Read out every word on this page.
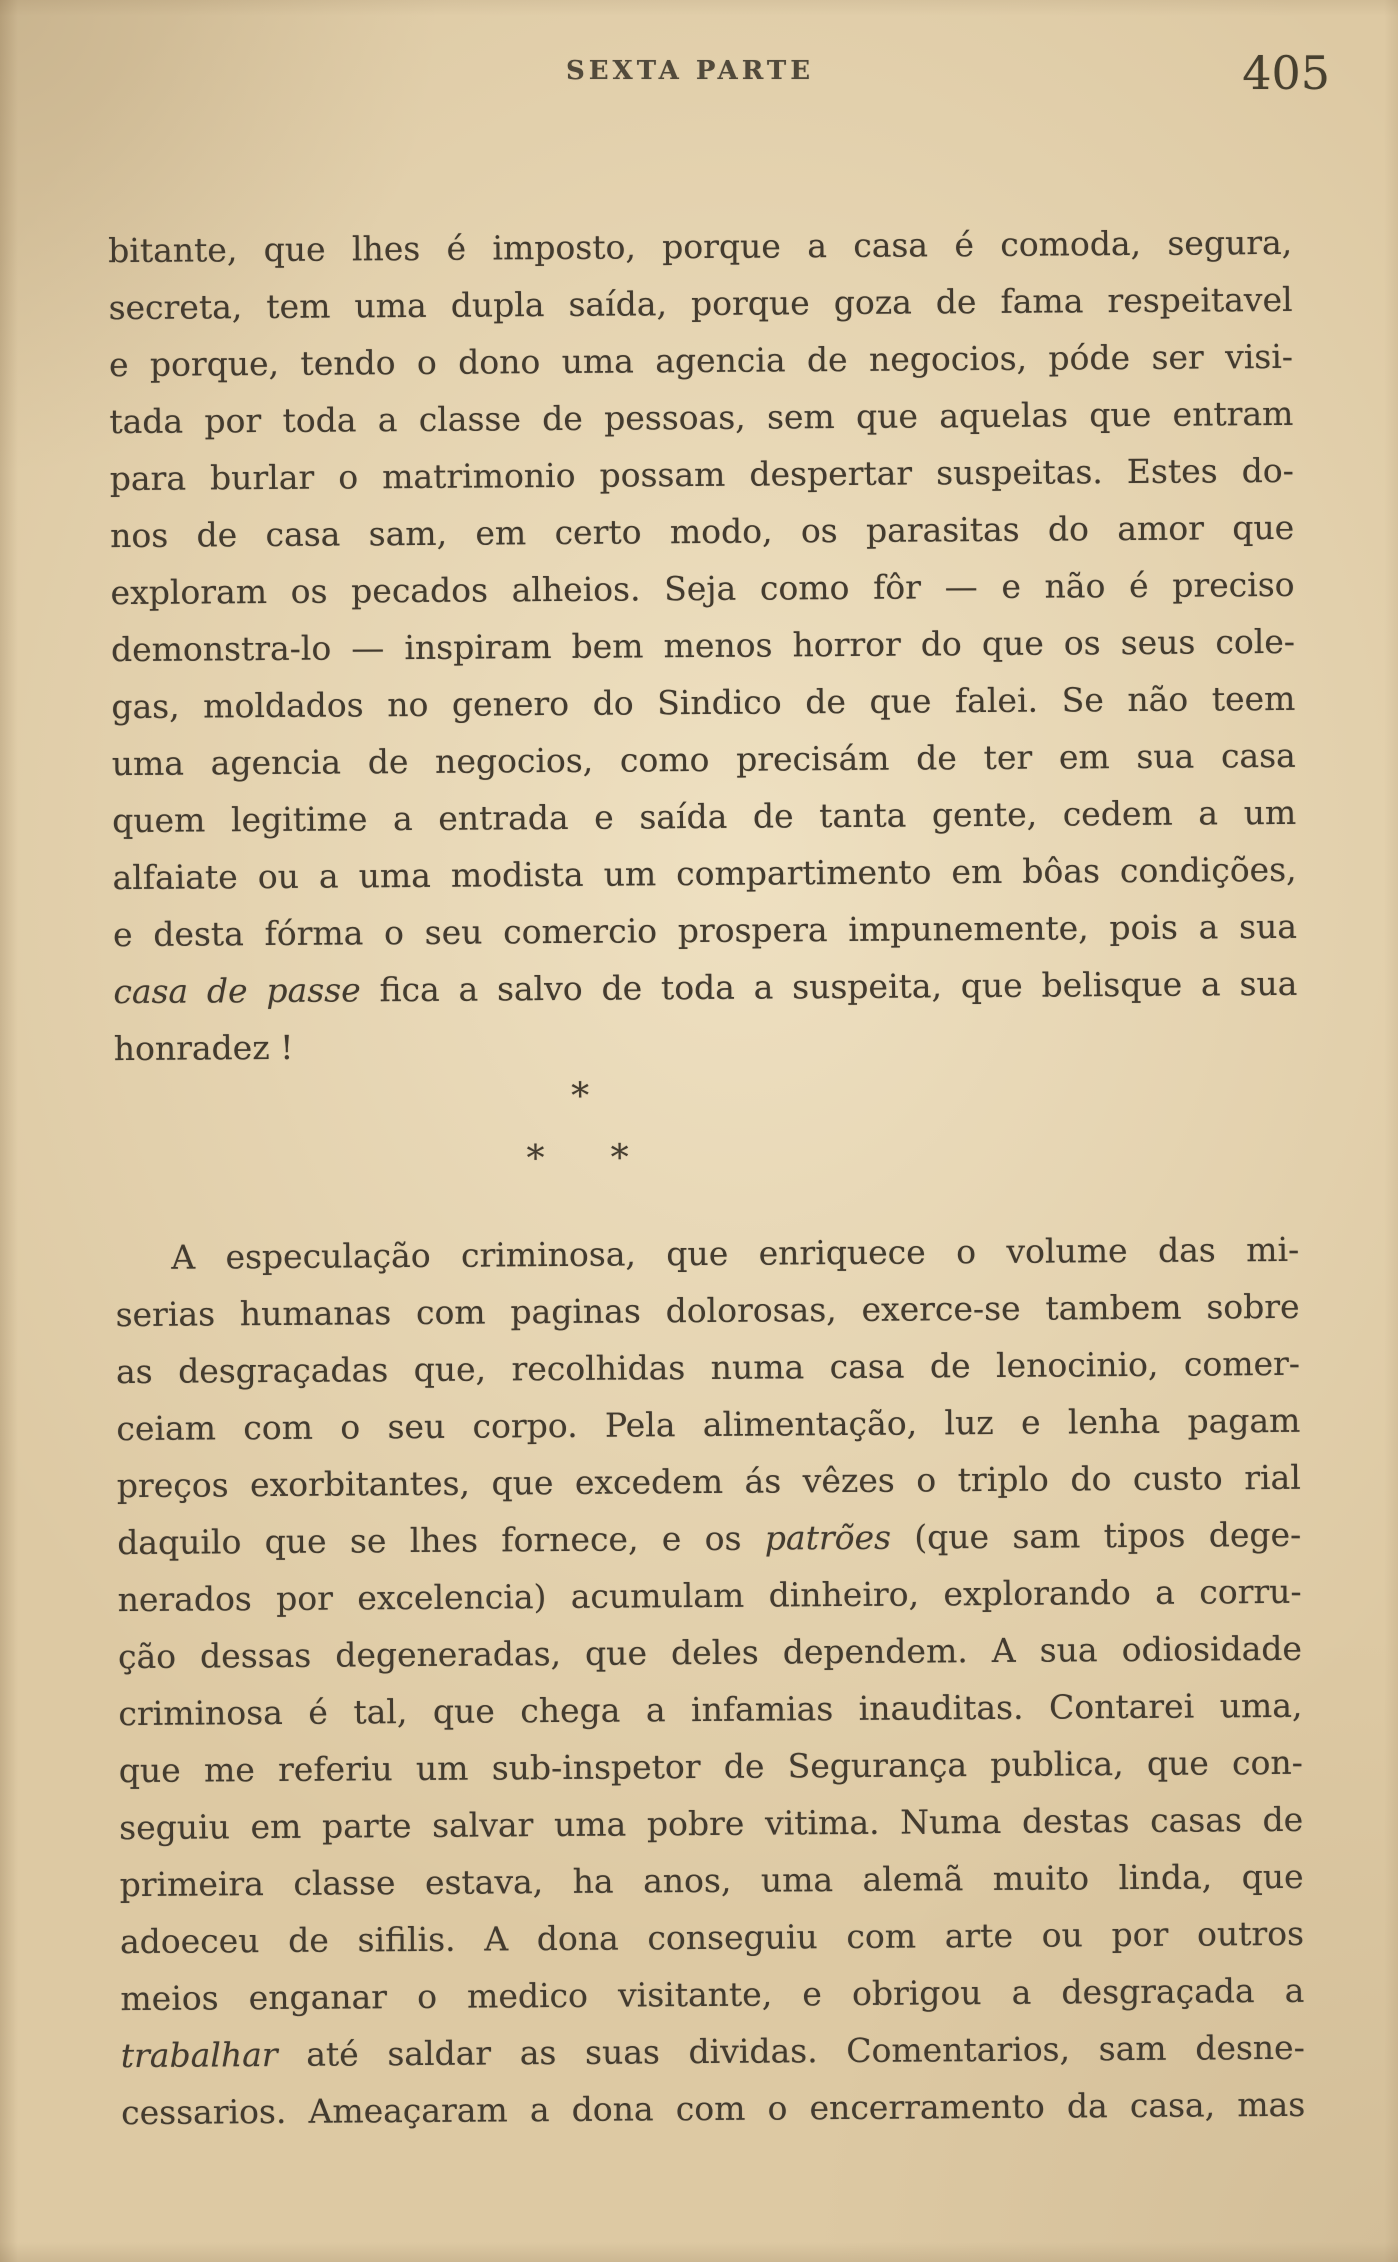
SEXTA PARTE	405
bitante, que lhes é imposto, porque a casa é comoda, segura,
secreta, tem uma dupla saída, porque goza de fama respeitavel
e porque, tendo o dono uma agencia de negocios, póde ser visi-
tada por toda a classe de pessoas, sem que aquelas que entram
para burlar o matrimonio possam despertar suspeitas. Estes do-
nos de casa sam, em certo modo, os parasitas do amor que
exploram os pecados alheios. Seja como fôr — e não é preciso
demonstra-lo — inspiram bem menos horror do que os seus cole-
gas, moldados no genero do Sindico de que falei. Se não teem
uma agencia de negocios, como precisám de ter em sua casa
quem legitime a entrada e saída de tanta gente, cedem a um
alfaiate ou a uma modista um compartimento em bôas condições,
e desta fórma o seu comercio prospera impunemente, pois a sua
casa de passe fica a salvo de toda a suspeita, que belisque a sua
honradez !
*
* *
A especulação criminosa, que enriquece o volume das mi-
serias humanas com paginas dolorosas, exerce-se tambem sobre
as desgraçadas que, recolhidas numa casa de lenocinio, comer-
ceiam com o seu corpo. Pela alimentação, luz e lenha pagam
preços exorbitantes, que excedem ás vêzes o triplo do custo rial
daquilo que se lhes fornece, e os patrões (que sam tipos dege-
nerados por excelencia) acumulam dinheiro, explorando a corru-
ção dessas degeneradas, que deles dependem. A sua odiosidade
criminosa é tal, que chega a infamias inauditas. Contarei uma,
que me referiu um sub-inspetor de Segurança publica, que con-
seguiu em parte salvar uma pobre vitima. Numa destas casas de
primeira classe estava, ha anos, uma alemã muito linda, que
adoeceu de sifilis. A dona conseguiu com arte ou por outros
meios enganar o medico visitante, e obrigou a desgraçada a
trabalhar até saldar as suas dividas. Comentarios, sam desne-
cessarios. Ameaçaram a dona com o encerramento da casa, mas
